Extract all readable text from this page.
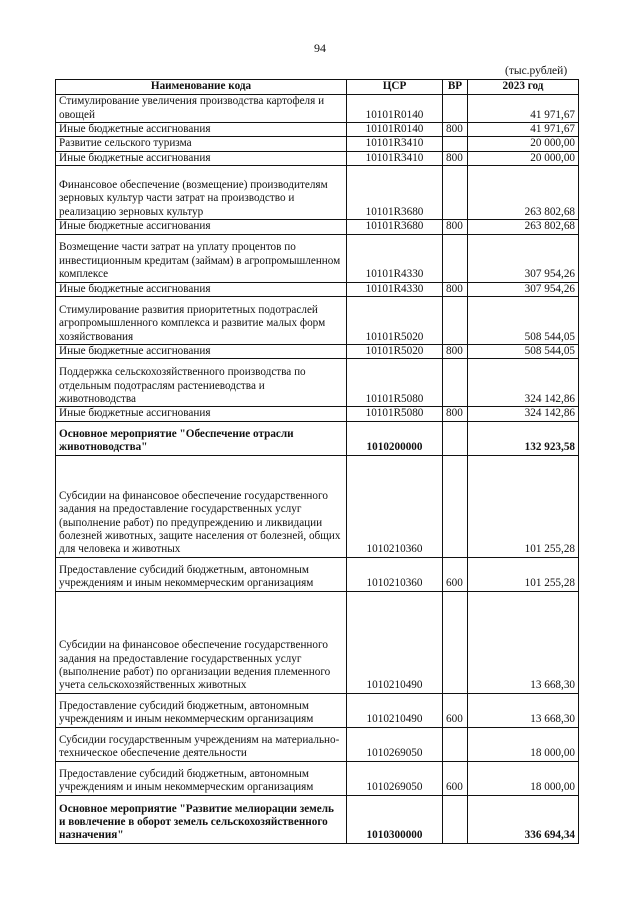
94
(тыс.рублей)
Наименование кода	ЦСР	ВР	2023 год
Стимулирование увеличения производства картофеля и овощей	10101R0140		41 971,67
Иные бюджетные ассигнования	10101R0140	800	41 971,67
Развитие сельского туризма	10101R3410		20 000,00
Иные бюджетные ассигнования	10101R3410	800	20 000,00
Финансовое обеспечение (возмещение) производителям зерновых культур части затрат на производство и реализацию зерновых культур	10101R3680		263 802,68
Иные бюджетные ассигнования	10101R3680	800	263 802,68
Возмещение части затрат на уплату процентов по инвестиционным кредитам (займам) в агропромышленном комплексе	10101R4330		307 954,26
Иные бюджетные ассигнования	10101R4330	800	307 954,26
Стимулирование развития приоритетных подотраслей агропромышленного комплекса и развитие малых форм хозяйствования	10101R5020		508 544,05
Иные бюджетные ассигнования	10101R5020	800	508 544,05
Поддержка сельскохозяйственного производства по отдельным подотраслям растениеводства и животноводства	10101R5080		324 142,86
Иные бюджетные ассигнования	10101R5080	800	324 142,86
Основное мероприятие "Обеспечение отрасли животноводства"	1010200000		132 923,58
Субсидии на финансовое обеспечение государственного задания на предоставление государственных услуг (выполнение работ) по предупреждению и ликвидации болезней животных, защите населения от болезней, общих для человека и животных	1010210360		101 255,28
Предоставление субсидий бюджетным, автономным учреждениям и иным некоммерческим организациям	1010210360	600	101 255,28
Субсидии на финансовое обеспечение государственного задания на предоставление государственных услуг (выполнение работ) по организации ведения племенного учета сельскохозяйственных животных	1010210490		13 668,30
Предоставление субсидий бюджетным, автономным учреждениям и иным некоммерческим организациям	1010210490	600	13 668,30
Субсидии государственным учреждениям на материально-техническое обеспечение деятельности	1010269050		18 000,00
Предоставление субсидий бюджетным, автономным учреждениям и иным некоммерческим организациям	1010269050	600	18 000,00
Основное мероприятие "Развитие мелиорации земель и вовлечение в оборот земель сельскохозяйственного назначения"	1010300000		336 694,34
